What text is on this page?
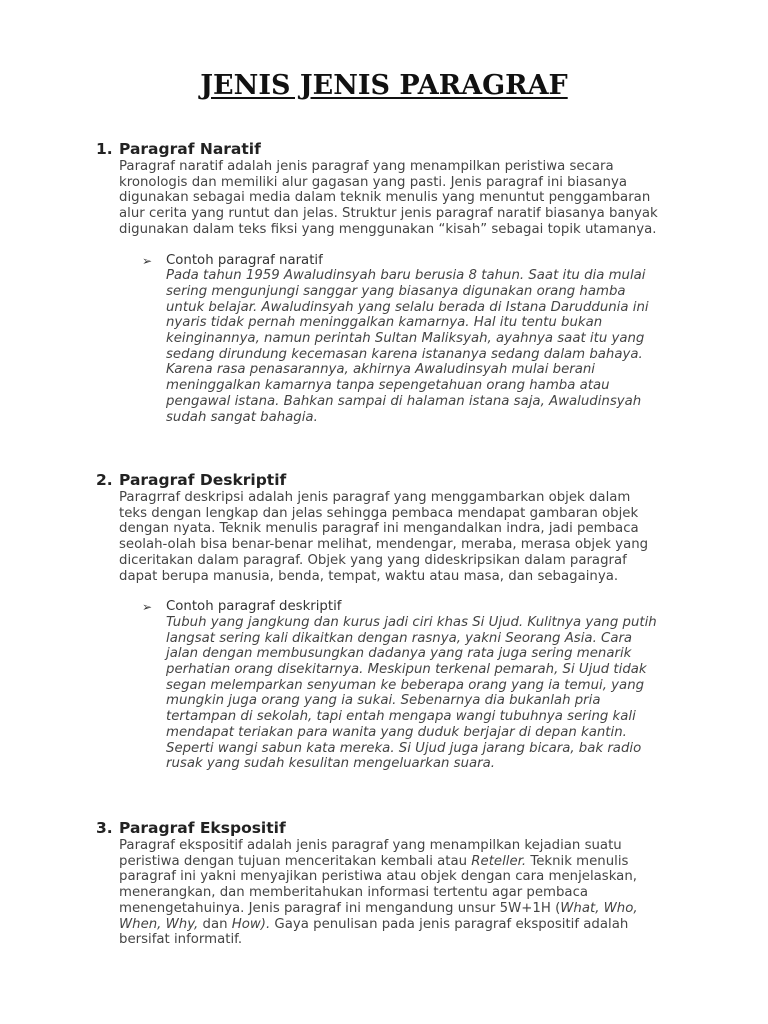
JENIS JENIS PARAGRAF
1. Paragraf Naratif

Paragraf naratif adalah jenis paragraf yang menampilkan peristiwa secara
kronologis dan memiliki alur gagasan yang pasti. Jenis paragraf ini biasanya
digunakan sebagai media dalam teknik menulis yang menuntut penggambaran
alur cerita yang runtut dan jelas. Struktur jenis paragraf naratif biasanya banyak
digunakan dalam teks fiksi yang menggunakan “kisah” sebagai topik utamanya.

➢ Contoh paragraf naratif

Pada tahun 1959 Awaludinsyah baru berusia 8 tahun. Saat itu dia mulai
sering mengunjungi sanggar yang biasanya digunakan orang hamba
untuk belajar. Awaludinsyah yang selalu berada di Istana Daruddunia ini
nyaris tidak pernah meninggalkan kamarnya. Hal itu tentu bukan
keinginannya, namun perintah Sultan Maliksyah, ayahnya saat itu yang
sedang dirundung kecemasan karena istananya sedang dalam bahaya.
Karena rasa penasarannya, akhirnya Awaludinsyah mulai berani
meninggalkan kamarnya tanpa sepengetahuan orang hamba atau
pengawal istana. Bahkan sampai di halaman istana saja, Awaludinsyah
sudah sangat bahagia.

2. Paragraf Deskriptif

Paragrraf deskripsi adalah jenis paragraf yang menggambarkan objek dalam
teks dengan lengkap dan jelas sehingga pembaca mendapat gambaran objek
dengan nyata. Teknik menulis paragraf ini mengandalkan indra, jadi pembaca
seolah-olah bisa benar-benar melihat, mendengar, meraba, merasa objek yang
diceritakan dalam paragraf. Objek yang yang dideskripsikan dalam paragraf
dapat berupa manusia, benda, tempat, waktu atau masa, dan sebagainya.

➢ Contoh paragraf deskriptif

Tubuh yang jangkung dan kurus jadi ciri khas Si Ujud. Kulitnya yang putih
langsat sering kali dikaitkan dengan rasnya, yakni Seorang Asia. Cara
jalan dengan membusungkan dadanya yang rata juga sering menarik
perhatian orang disekitarnya. Meskipun terkenal pemarah, Si Ujud tidak
segan melemparkan senyuman ke beberapa orang yang ia temui, yang
mungkin juga orang yang ia sukai. Sebenarnya dia bukanlah pria
tertampan di sekolah, tapi entah mengapa wangi tubuhnya sering kali
mendapat teriakan para wanita yang duduk berjajar di depan kantin.
Seperti wangi sabun kata mereka. Si Ujud juga jarang bicara, bak radio
rusak yang sudah kesulitan mengeluarkan suara.

3. Paragraf Ekspositif

Paragraf ekspositif adalah jenis paragraf yang menampilkan kejadian suatu
peristiwa dengan tujuan menceritakan kembali atau Reteller. Teknik menulis
paragraf ini yakni menyajikan peristiwa atau objek dengan cara menjelaskan,
menerangkan, dan memberitahukan informasi tertentu agar pembaca
menengetahuinya. Jenis paragraf ini mengandung unsur 5W+1H (What, Who,
When, Why, dan How). Gaya penulisan pada jenis paragraf ekspositif adalah
bersifat informatif.
